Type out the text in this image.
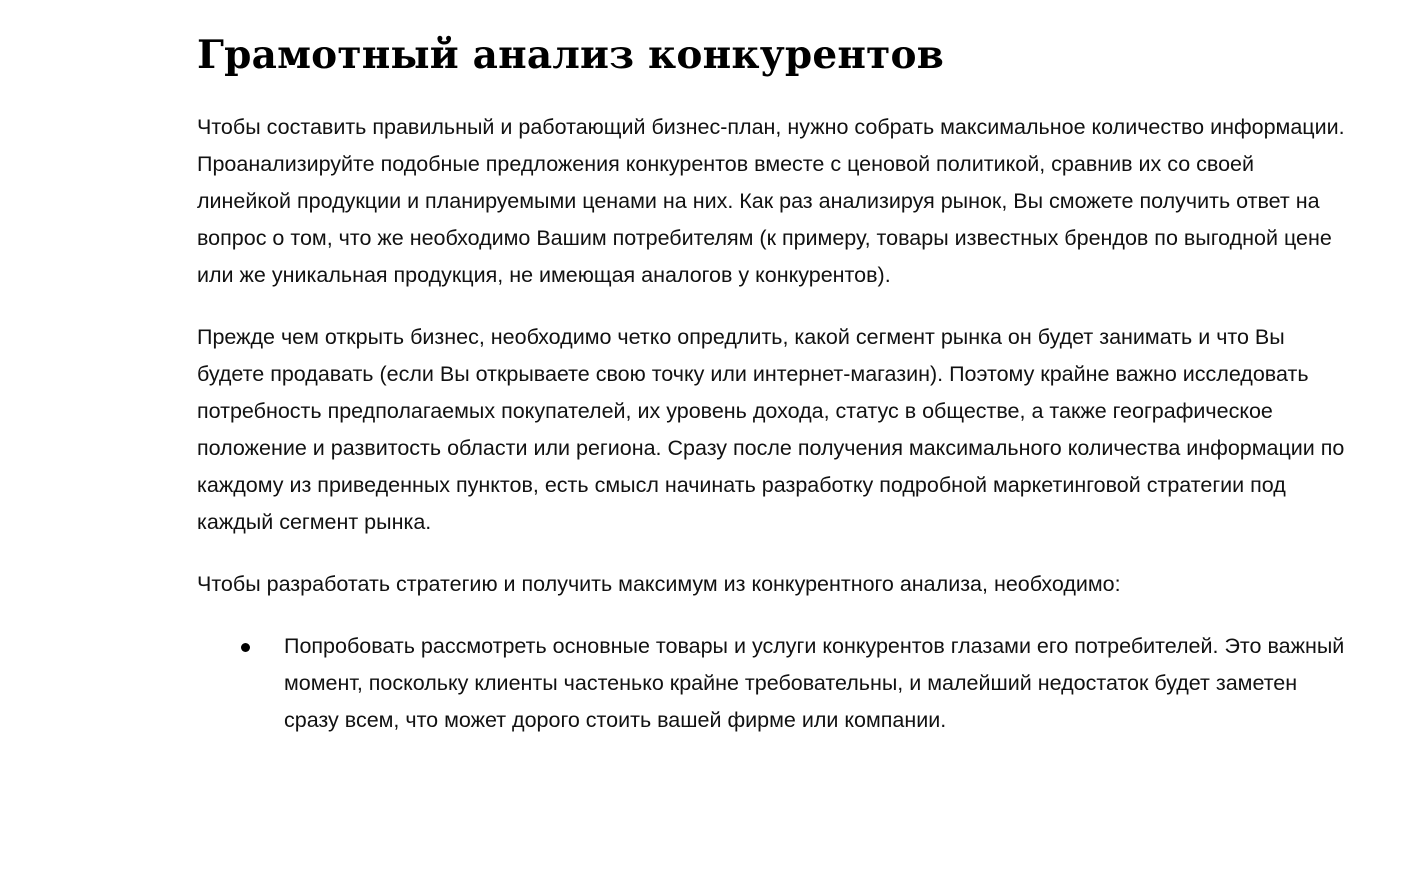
Грамотный анализ конкурентов

Чтобы составить правильный и работающий бизнес-план, нужно собрать максимальное количество информации. Проанализируйте подобные предложения конкурентов вместе с ценовой политикой, сравнив их со своей линейкой продукции и планируемыми ценами на них. Как раз анализируя рынок, Вы сможете получить ответ на вопрос о том, что же необходимо Вашим потребителям (к примеру, товары известных брендов по выгодной цене или же уникальная продукция, не имеющая аналогов у конкурентов).

Прежде чем открыть бизнес, необходимо четко опредлить, какой сегмент рынка он будет занимать и что Вы будете продавать (если Вы открываете свою точку или интернет-магазин). Поэтому крайне важно исследовать потребность предполагаемых покупателей, их уровень дохода, статус в обществе, а также географическое положение и развитость области или региона. Сразу после получения максимального количества информации по каждому из приведенных пунктов, есть смысл начинать разработку подробной маркетинговой стратегии под каждый сегмент рынка.

Чтобы разработать стратегию и получить максимум из конкурентного анализа, необходимо:

Попробовать рассмотреть основные товары и услуги конкурентов глазами его потребителей. Это важный момент, поскольку клиенты частенько крайне требовательны, и малейший недостаток будет заметен сразу всем, что может дорого стоить вашей фирме или компании.
